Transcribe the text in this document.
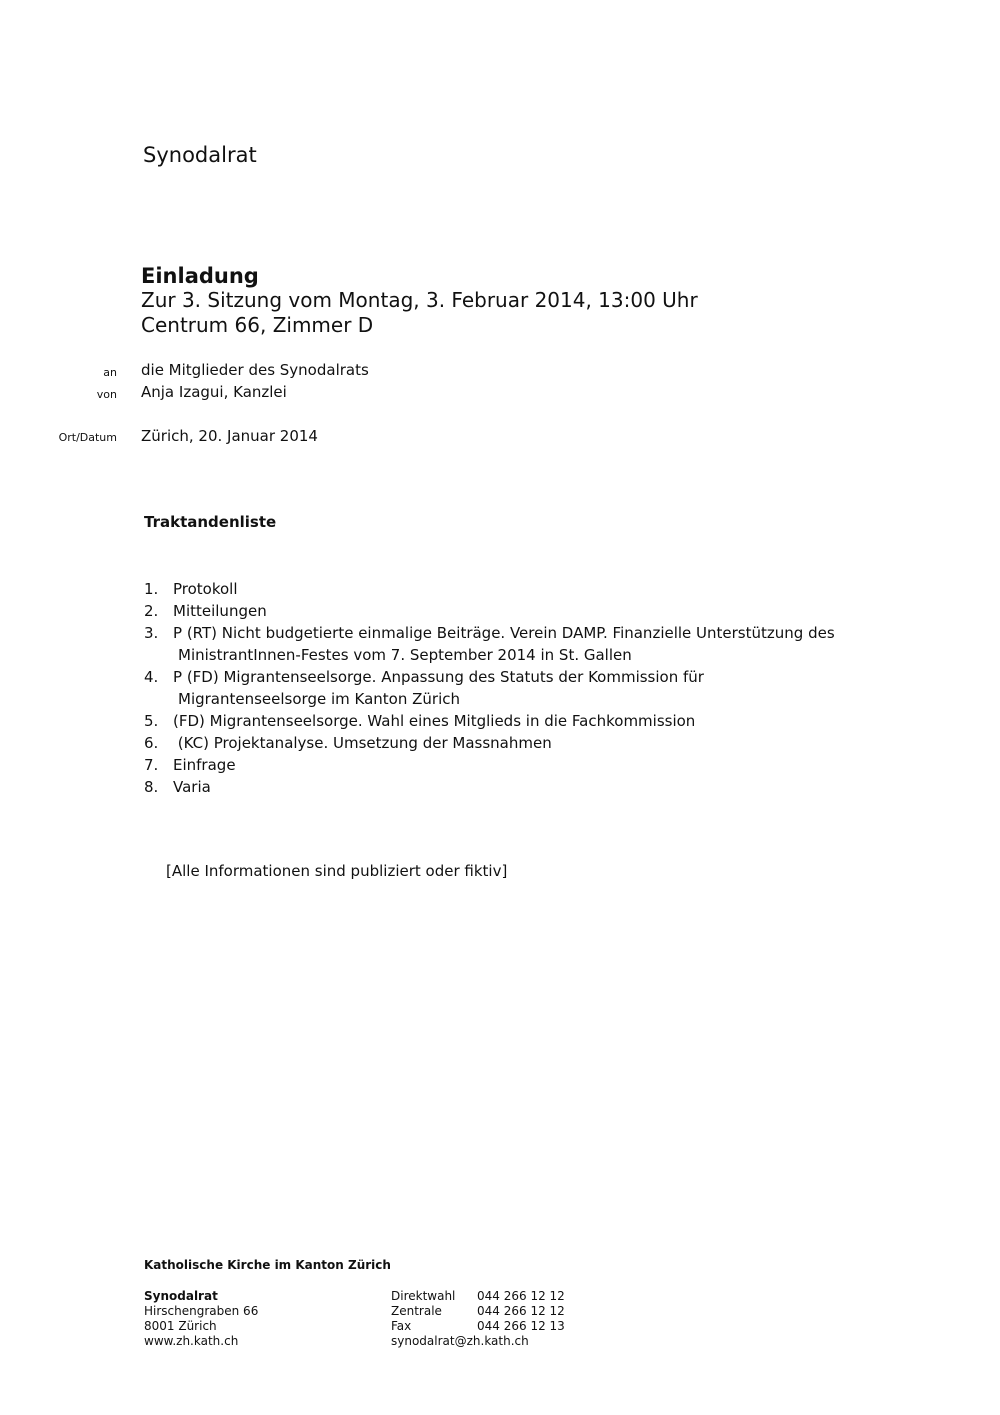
Synodalrat
Einladung
Zur 3. Sitzung vom Montag, 3. Februar 2014, 13:00 Uhr
Centrum 66, Zimmer D
an die Mitglieder des Synodalrats
von Anja Izagui, Kanzlei
Ort/Datum Zürich, 20. Januar 2014
Traktandenliste
1. Protokoll
2. Mitteilungen
3. P (RT) Nicht budgetierte einmalige Beiträge. Verein DAMP. Finanzielle Unterstützung des
MinistrantInnen-Festes vom 7. September 2014 in St. Gallen
4. P (FD) Migrantenseelsorge. Anpassung des Statuts der Kommission für
Migrantenseelsorge im Kanton Zürich
5. (FD) Migrantenseelsorge. Wahl eines Mitglieds in die Fachkommission
6. (KC) Projektanalyse. Umsetzung der Massnahmen
7. Einfrage
8. Varia
[Alle Informationen sind publiziert oder fiktiv]
Katholische Kirche im Kanton Zürich
Synodalrat
Hirschengraben 66
8001 Zürich
www.zh.kath.ch
Direktwahl
Zentrale
Fax
synodalrat@zh.kath.ch
044 266 12 12
044 266 12 12
044 266 12 13
